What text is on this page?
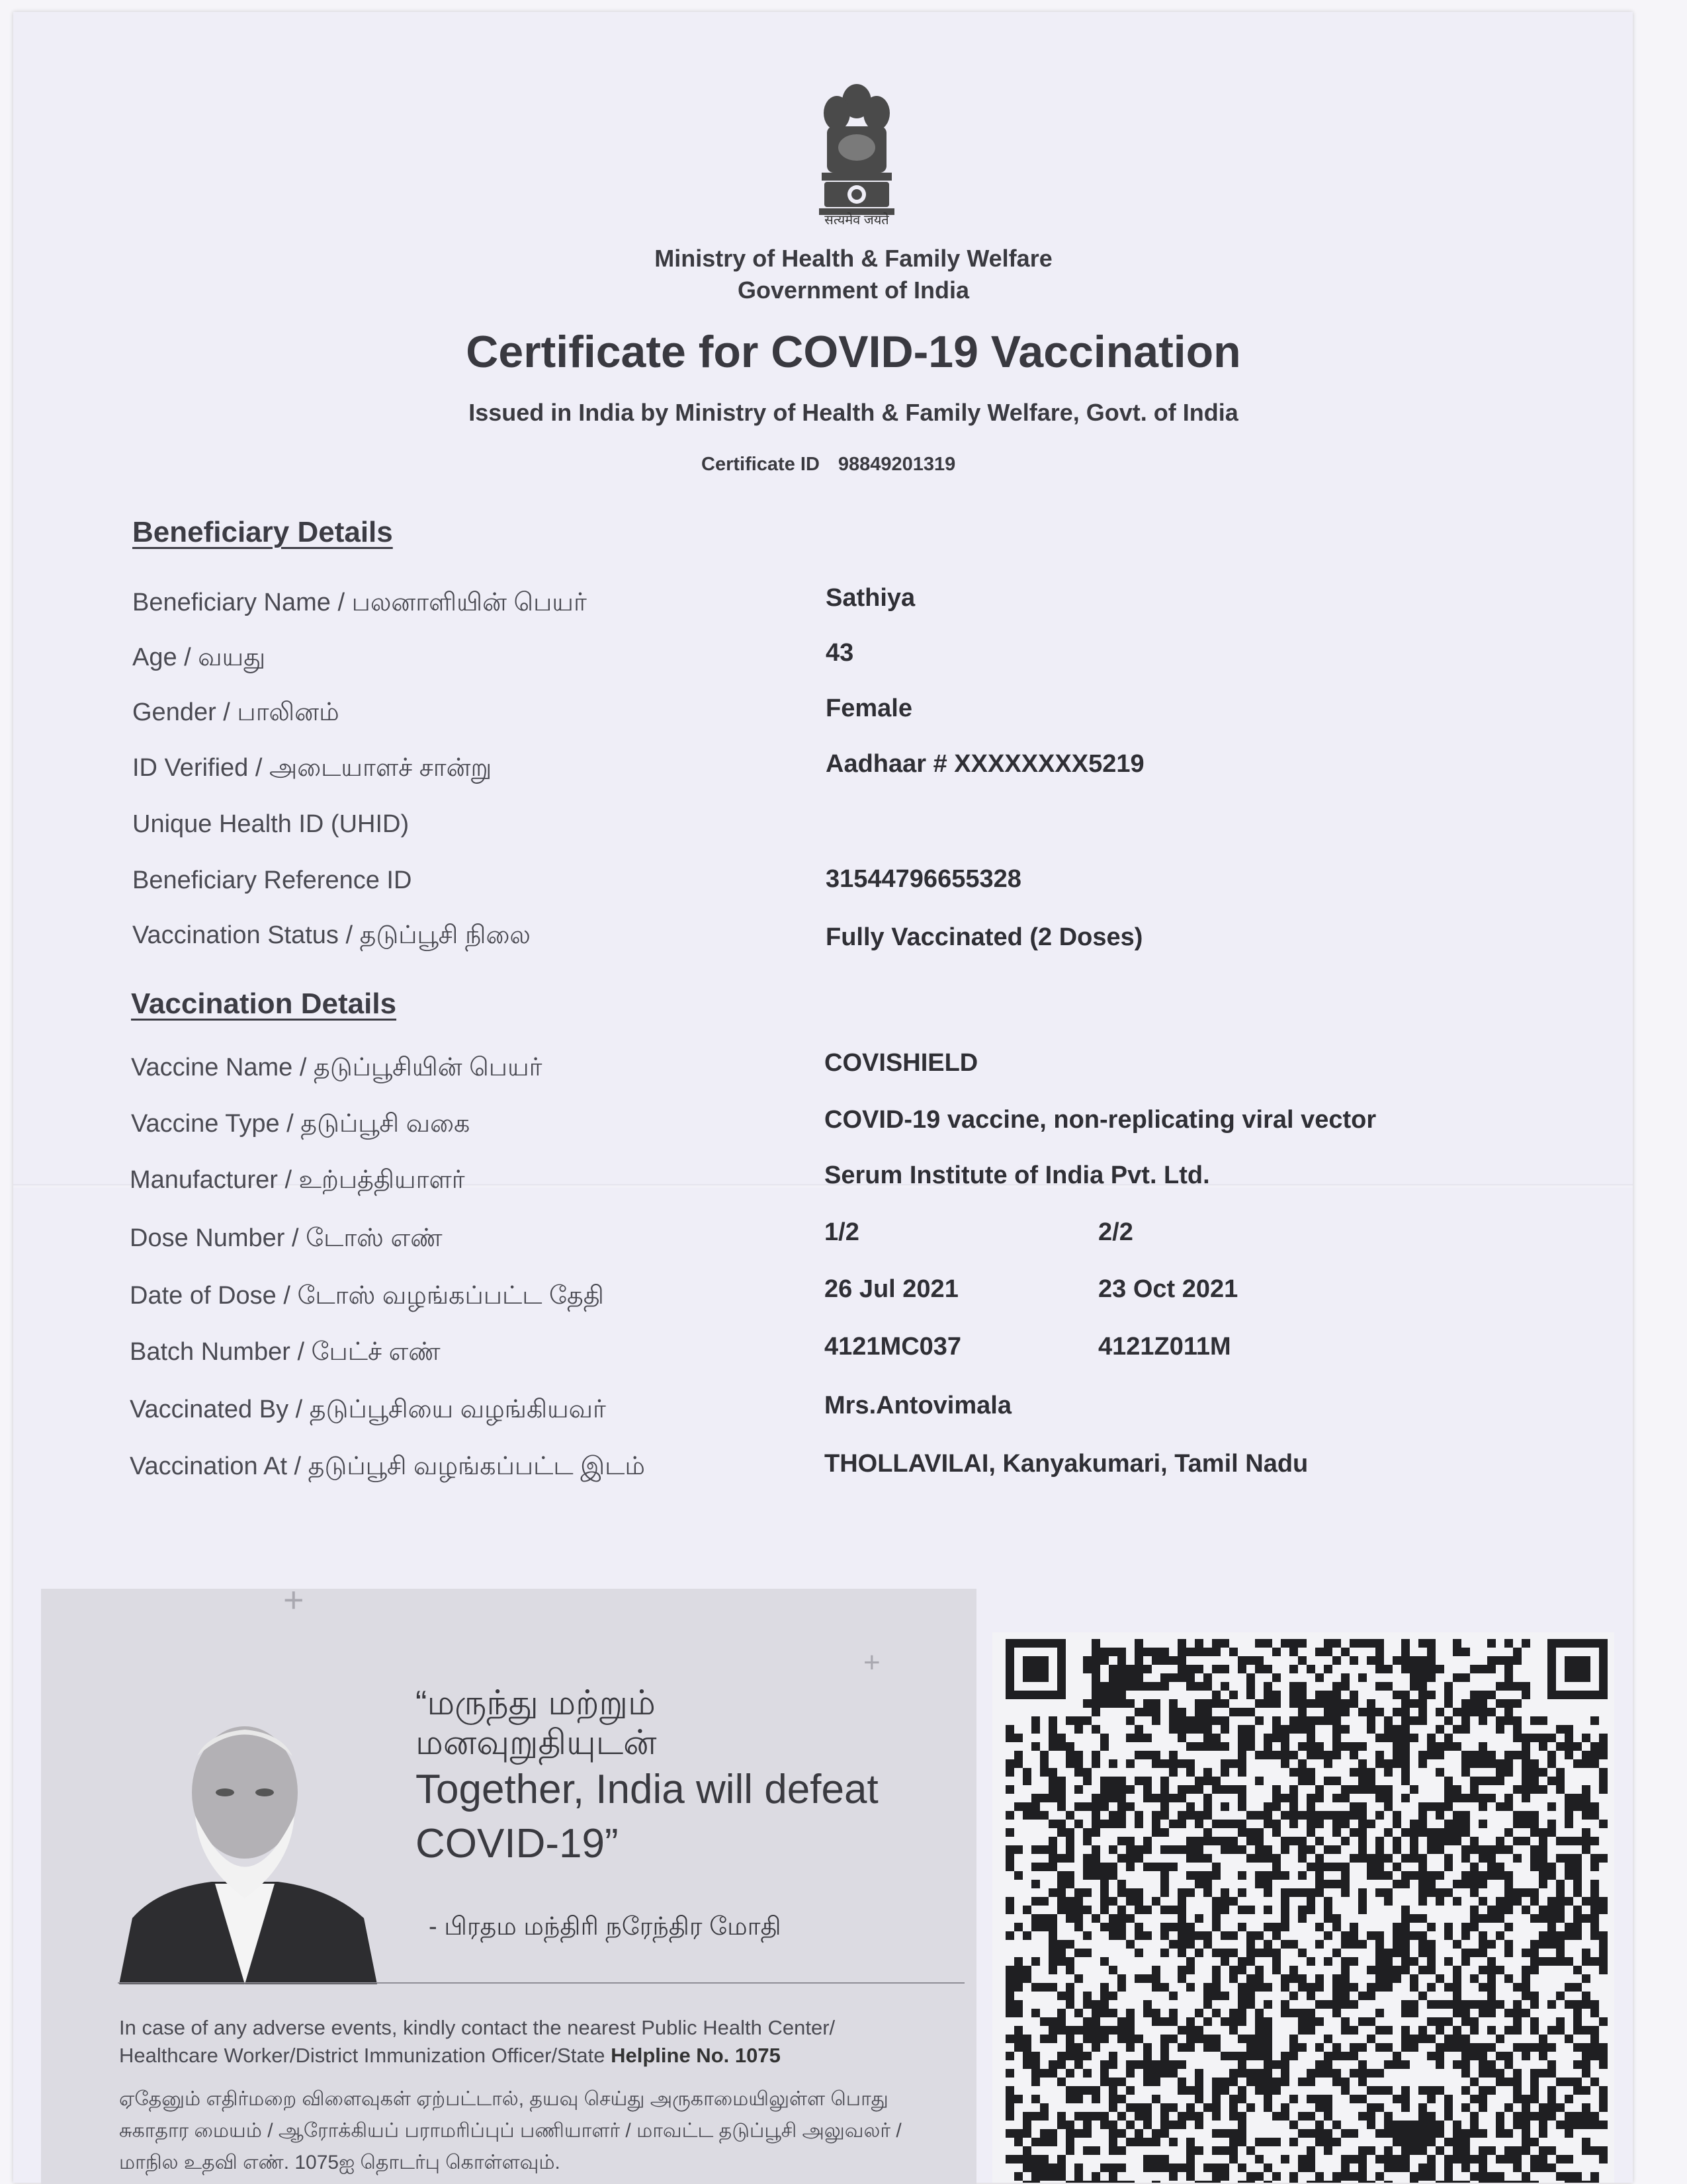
सत्यमेव जयते
Ministry of Health & Family Welfare
Government of India
Certificate for COVID-19 Vaccination
Issued in India by Ministry of Health & Family Welfare, Govt. of India
Certificate ID 98849201319
Beneficiary Details
Beneficiary Name / பலனாளியின் பெயர்	Sathiya
Age / வயது	43
Gender / பாலினம்	Female
ID Verified / அடையாளச் சான்று	Aadhaar # XXXXXXXX5219
Unique Health ID (UHID)
Beneficiary Reference ID	31544796655328
Vaccination Status / தடுப்பூசி நிலை	Fully Vaccinated (2 Doses)
Vaccination Details
Vaccine Name / தடுப்பூசியின் பெயர்	COVISHIELD
Vaccine Type / தடுப்பூசி வகை	COVID-19 vaccine, non-replicating viral vector
Manufacturer / உற்பத்தியாளர்	Serum Institute of India Pvt. Ltd.
Dose Number / டோஸ் எண்	1/2	2/2
Date of Dose / டோஸ் வழங்கப்பட்ட தேதி	26 Jul 2021	23 Oct 2021
Batch Number / பேட்ச் எண்	4121MC037	4121Z011M
Vaccinated By / தடுப்பூசியை வழங்கியவர்	Mrs.Antovimala
Vaccination At / தடுப்பூசி வழங்கப்பட்ட இடம்	THOLLAVILAI, Kanyakumari, Tamil Nadu
+
+
“மருந்து மற்றும்
மனவுறுதியுடன்
Together, India will defeat
COVID-19”
- பிரதம மந்திரி நரேந்திர மோதி
In case of any adverse events, kindly contact the nearest Public Health Center/ Healthcare Worker/District Immunization Officer/State Helpline No. 1075
ஏதேனும் எதிர்மறை விளைவுகள் ஏற்பட்டால், தயவு செய்து அருகாமையிலுள்ள பொது சுகாதார மையம் / ஆரோக்கியப் பராமரிப்புப் பணியாளர் / மாவட்ட தடுப்பூசி அலுவலர் / மாநில உதவி எண். 1075ஐ தொடர்பு கொள்ளவும்.
